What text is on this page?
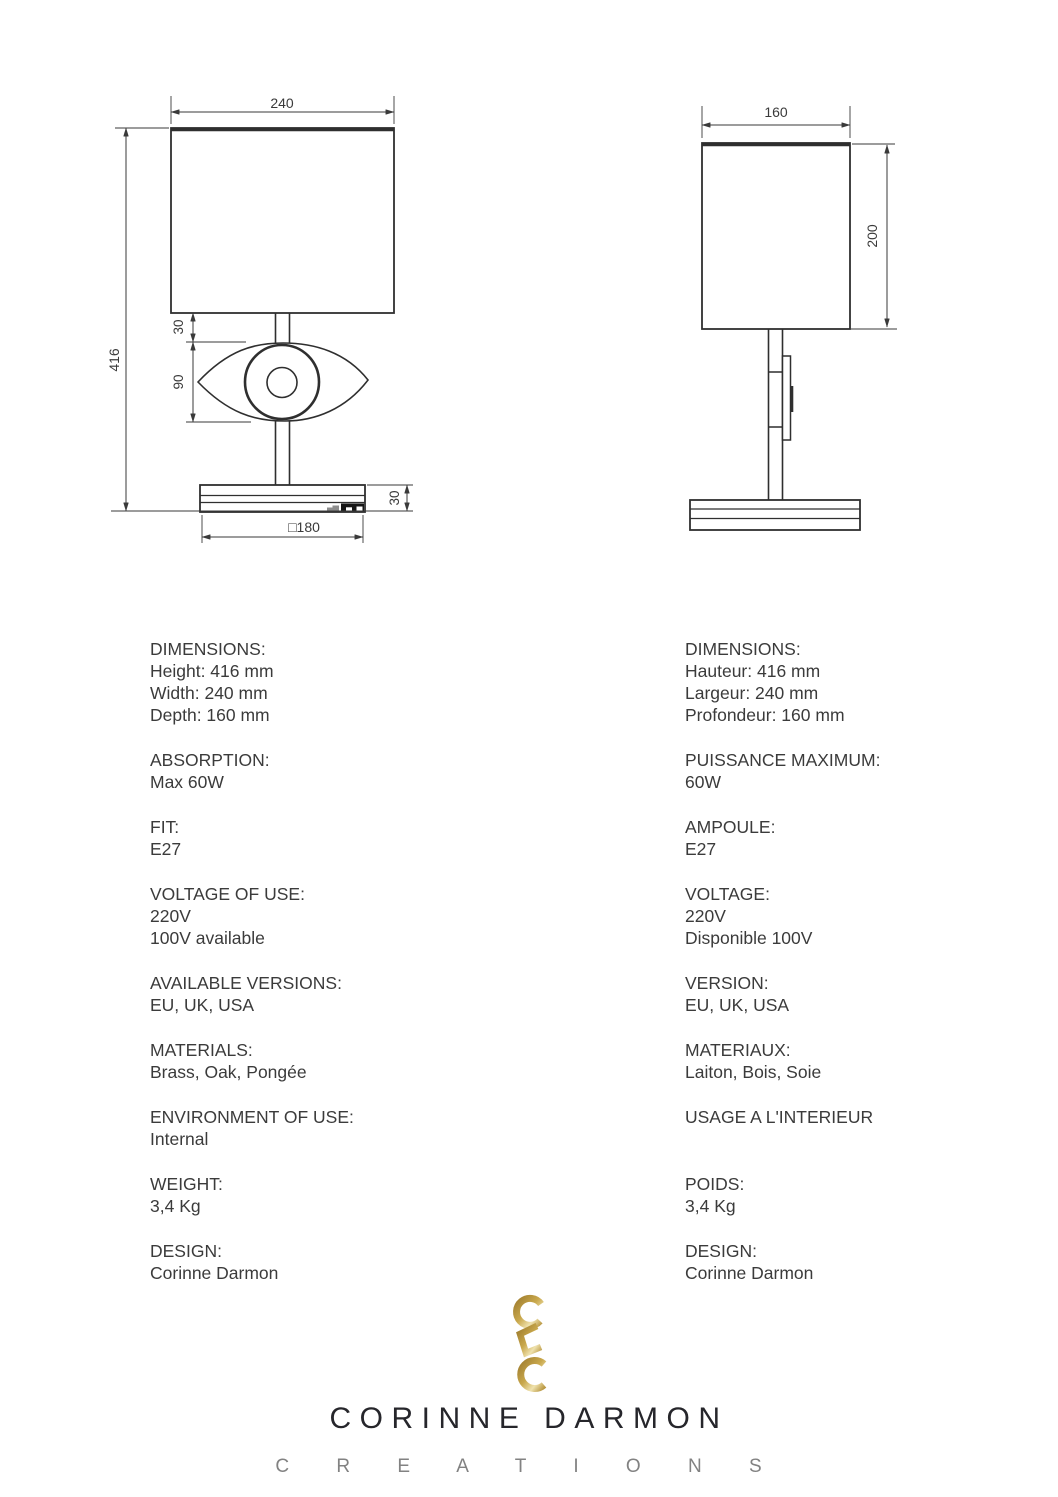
240
416
30
90
30
□180
160
200
DIMENSIONS:
Height: 416 mm
Width: 240 mm
Depth: 160 mm
DIMENSIONS:
Hauteur: 416 mm
Largeur: 240 mm
Profondeur: 160 mm
ABSORPTION:
Max 60W
PUISSANCE MAXIMUM:
60W
FIT:
E27
AMPOULE:
E27
VOLTAGE OF USE:
220V
100V available
VOLTAGE:
220V
Disponible 100V
AVAILABLE VERSIONS:
EU, UK, USA
VERSION:
EU, UK, USA
MATERIALS:
Brass, Oak, Pongée
MATERIAUX:
Laiton, Bois, Soie
ENVIRONMENT OF USE:
Internal
USAGE A L'INTERIEUR
WEIGHT:
3,4 Kg
POIDS:
3,4 Kg
DESIGN:
Corinne Darmon
DESIGN:
Corinne Darmon
CORINNE DARMON
C R E A T I O N S
